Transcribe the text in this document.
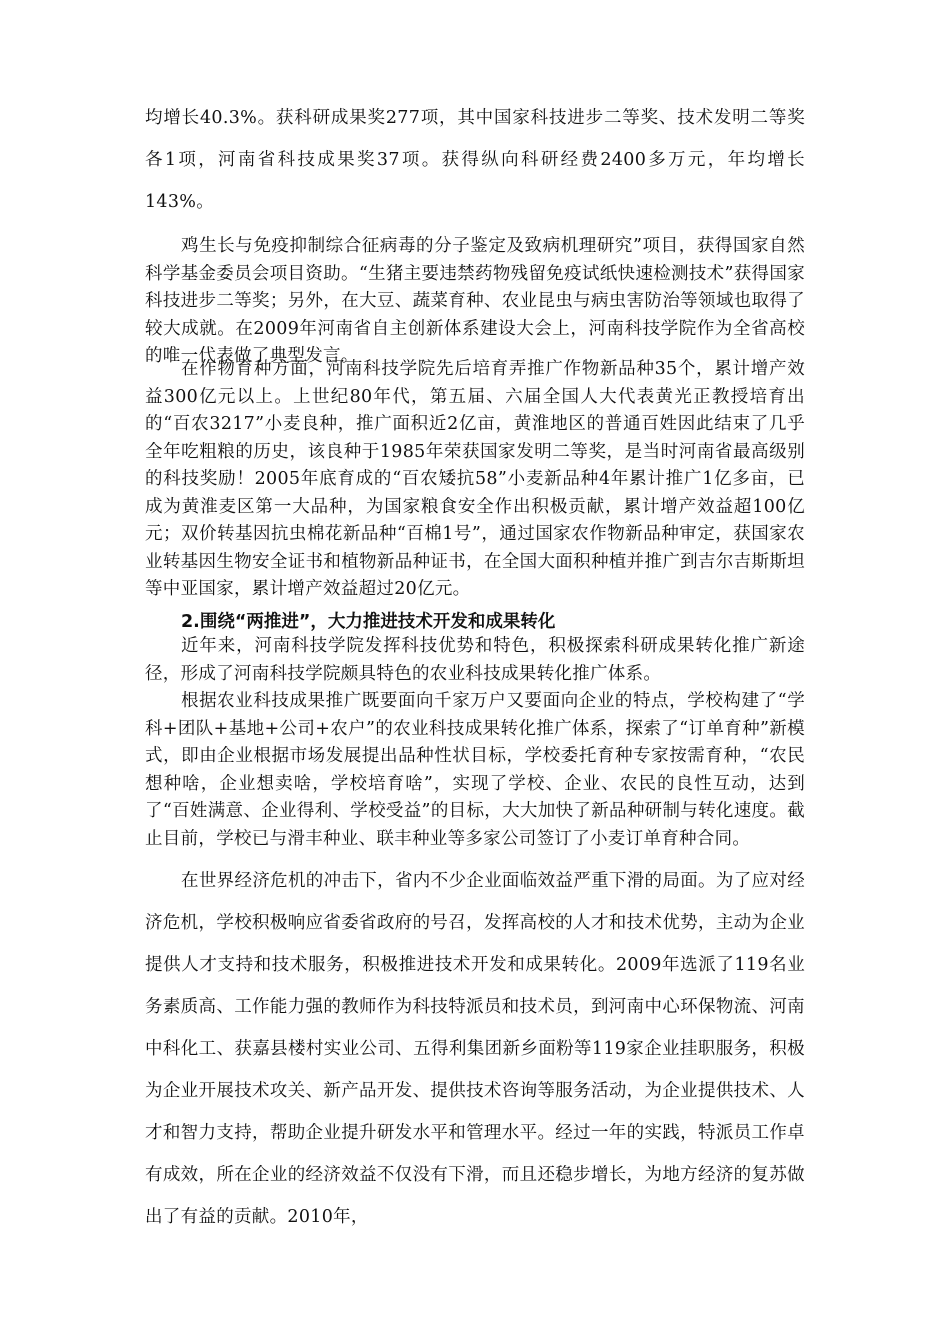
均增长40.3%。获科研成果奖277项，其中国家科技进步二等奖、技术发明二等奖各1项，河南省科技成果奖37项。获得纵向科研经费2400多万元，年均增长143%。

鸡生长与免疫抑制综合征病毒的分子鉴定及致病机理研究”项目，获得国家自然科学基金委员会项目资助。“生猪主要违禁药物残留免疫试纸快速检测技术”获得国家科技进步二等奖；另外，在大豆、蔬菜育种、农业昆虫与病虫害防治等领域也取得了较大成就。在2009年河南省自主创新体系建设大会上，河南科技学院作为全省高校的唯一代表做了典型发言。

在作物育种方面，河南科技学院先后培育弄推广作物新品种35个，累计增产效益300亿元以上。上世纪80年代，第五届、六届全国人大代表黄光正教授培育出的“百农3217”小麦良种，推广面积近2亿亩，黄淮地区的普通百姓因此结束了几乎全年吃粗粮的历史，该良种于1985年荣获国家发明二等奖，是当时河南省最高级别的科技奖励！2005年底育成的“百农矮抗58”小麦新品种4年累计推广1亿多亩，已成为黄淮麦区第一大品种，为国家粮食安全作出积极贡献，累计增产效益超100亿元；双价转基因抗虫棉花新品种“百棉1号”，通过国家农作物新品种审定，获国家农业转基因生物安全证书和植物新品种证书，在全国大面积种植并推广到吉尔吉斯斯坦等中亚国家，累计增产效益超过20亿元。

2.围绕“两推进”，大力推进技术开发和成果转化

近年来，河南科技学院发挥科技优势和特色，积极探索科研成果转化推广新途径，形成了河南科技学院颇具特色的农业科技成果转化推广体系。

根据农业科技成果推广既要面向千家万户又要面向企业的特点，学校构建了“学科+团队+基地+公司+农户”的农业科技成果转化推广体系，探索了“订单育种”新模式，即由企业根据市场发展提出品种性状目标，学校委托育种专家按需育种，“农民想种啥，企业想卖啥，学校培育啥”，实现了学校、企业、农民的良性互动，达到了“百姓满意、企业得利、学校受益”的目标，大大加快了新品种研制与转化速度。截止目前，学校已与滑丰种业、联丰种业等多家公司签订了小麦订单育种合同。

在世界经济危机的冲击下，省内不少企业面临效益严重下滑的局面。为了应对经济危机，学校积极响应省委省政府的号召，发挥高校的人才和技术优势，主动为企业提供人才支持和技术服务，积极推进技术开发和成果转化。2009年选派了119名业务素质高、工作能力强的教师作为科技特派员和技术员，到河南中心环保物流、河南中科化工、获嘉县楼村实业公司、五得利集团新乡面粉等119家企业挂职服务，积极为企业开展技术攻关、新产品开发、提供技术咨询等服务活动，为企业提供技术、人才和智力支持，帮助企业提升研发水平和管理水平。经过一年的实践，特派员工作卓有成效，所在企业的经济效益不仅没有下滑，而且还稳步增长，为地方经济的复苏做出了有益的贡献。2010年，
